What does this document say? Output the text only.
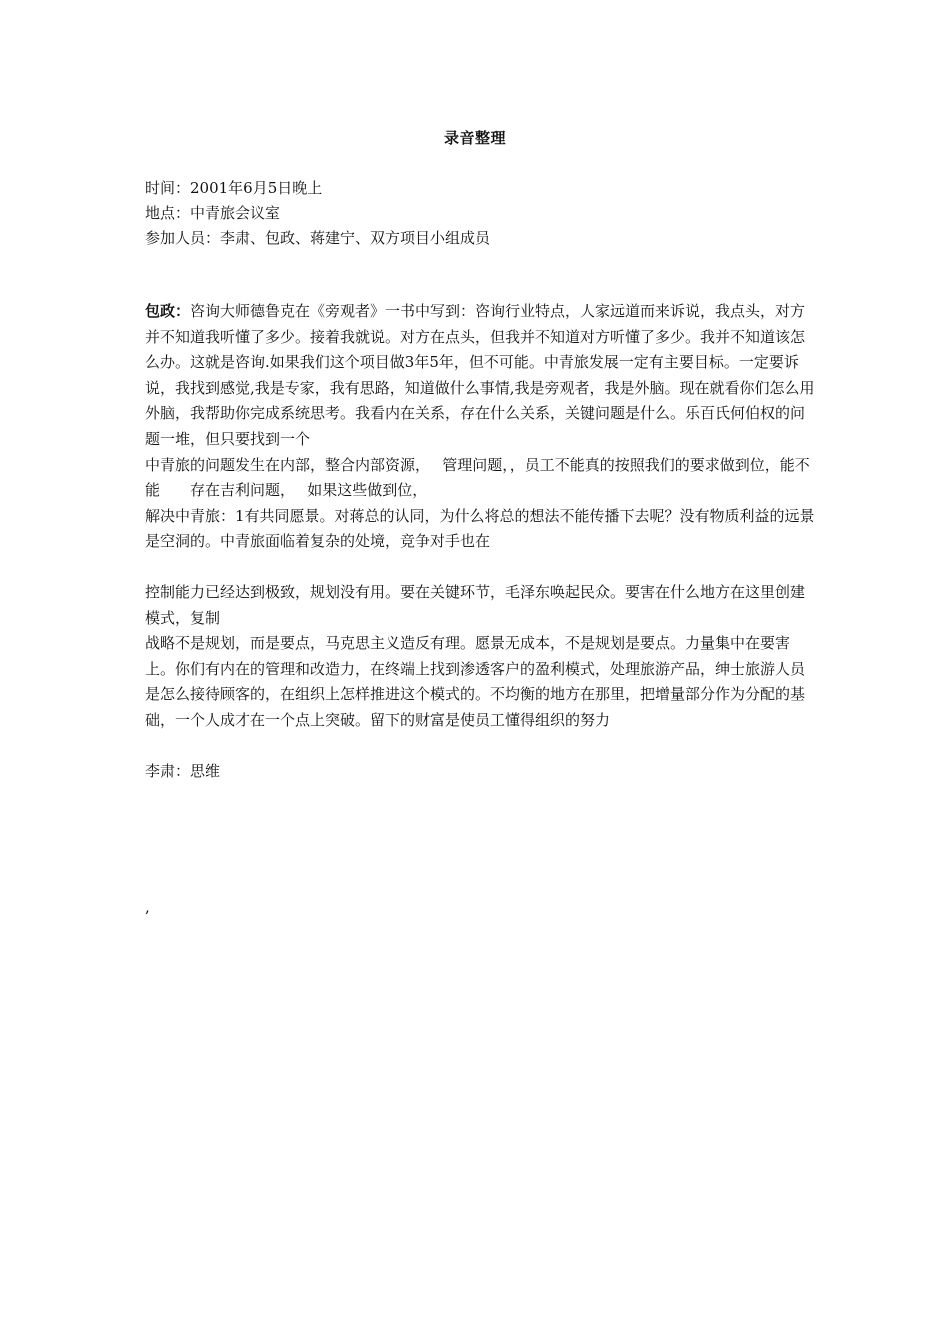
录音整理
时间：2001年6月5日晚上
地点：中青旅会议室
参加人员：李肃、包政、蒋建宁、双方项目小组成员

包政：咨询大师德鲁克在《旁观者》一书中写到：咨询行业特点，人家远道而来诉说，我点头，对方并不知道我听懂了多少。接着我就说。对方在点头，但我并不知道对方听懂了多少。我并不知道该怎么办。这就是咨询.如果我们这个项目做3年5年，但不可能。中青旅发展一定有主要目标。一定要诉说，我找到感觉,我是专家，我有思路，知道做什么事情,我是旁观者，我是外脑。现在就看你们怎么用外脑，我帮助你完成系统思考。我看内在关系，存在什么关系，关键问题是什么。乐百氏何伯权的问题一堆，但只要找到一个

中青旅的问题发生在内部，整合内部资源，　 管理问题，，员工不能真的按照我们的要求做到位，能不能　　存在吉利问题，　 如果这些做到位，

解决中青旅：1有共同愿景。对蒋总的认同，为什么将总的想法不能传播下去呢？没有物质利益的远景是空洞的。中青旅面临着复杂的处境，竞争对手也在

控制能力已经达到极致，规划没有用。要在关键环节，毛泽东唤起民众。要害在什么地方在这里创建模式，复制

战略不是规划，而是要点，马克思主义造反有理。愿景无成本，不是规划是要点。力量集中在要害上。你们有内在的管理和改造力，在终端上找到渗透客户的盈利模式，处理旅游产品，绅士旅游人员是怎么接待顾客的，在组织上怎样推进这个模式的。不均衡的地方在那里，把增量部分作为分配的基础，一个人成才在一个点上突破。留下的财富是使员工懂得组织的努力

李肃：思维

,
